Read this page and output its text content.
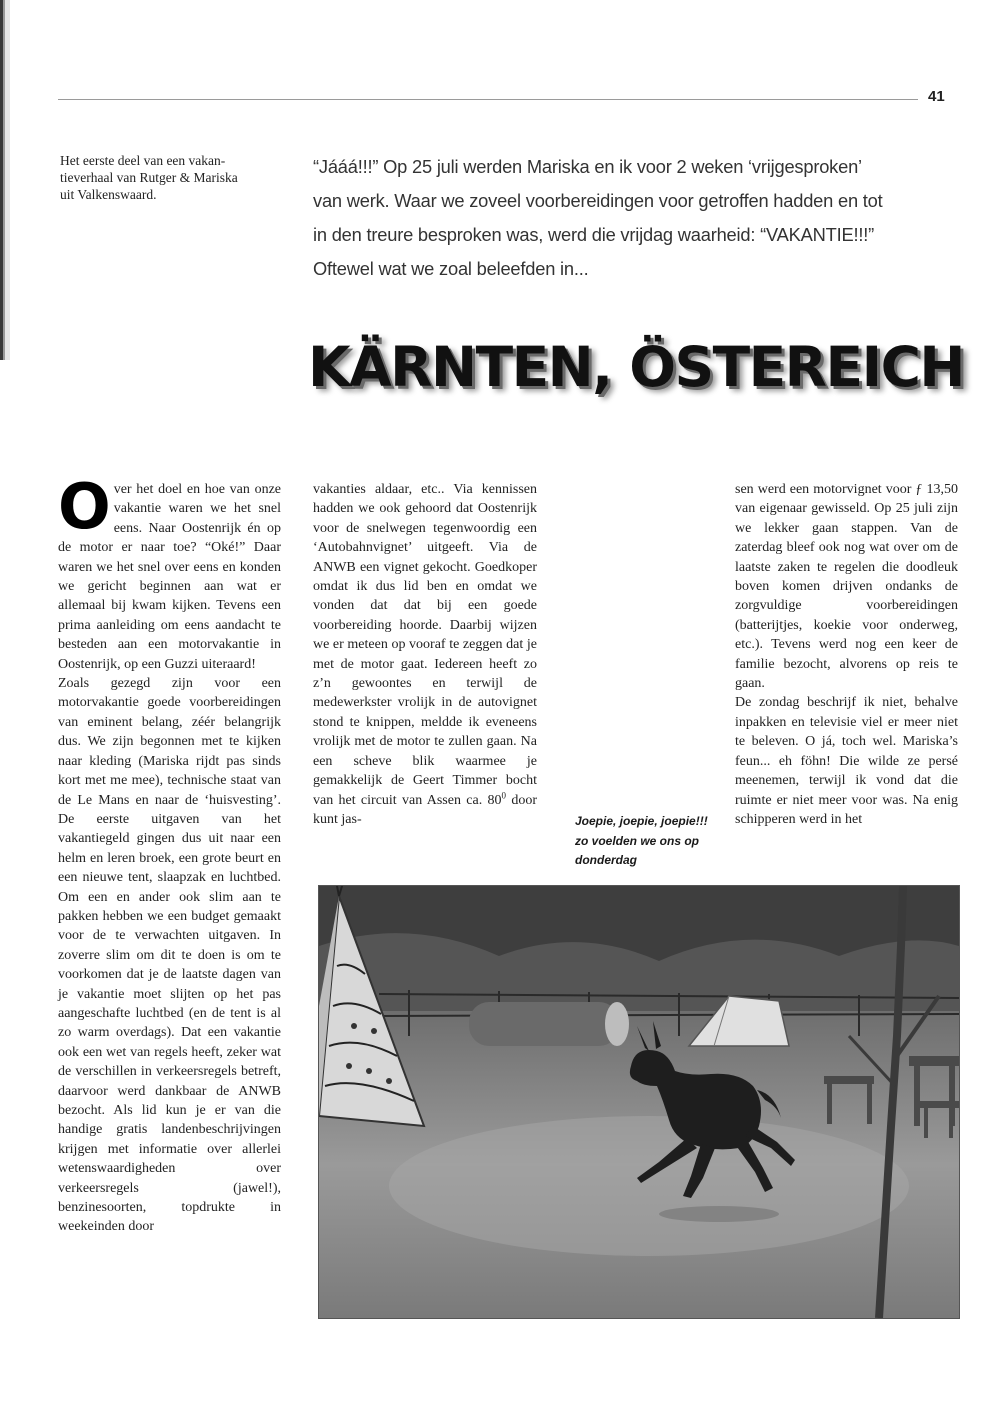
41
Het eerste deel van een vakan-
tieverhaal van Rutger & Mariska
uit Valkenswaard.
“Jááá!!!” Op 25 juli werden Mariska en ik voor 2 weken ‘vrijgesproken’
van werk. Waar we zoveel voorbereidingen voor getroffen hadden en tot
in den treure besproken was, werd die vrijdag waarheid: “VAKANTIE!!!”
Oftewel wat we zoal beleefden in...
KÄRNTEN, ÖSTEREICH

Over het doel en hoe van onze vakantie waren we het snel eens. Naar Oostenrijk én op de motor er naar toe? “Oké!” Daar waren we het snel over eens en konden we gericht beginnen aan wat er allemaal bij kwam kijken. Tevens een prima aanleiding om eens aandacht te besteden aan een motorvakantie in Oostenrijk, op een Guzzi uiteraard!

Zoals gezegd zijn voor een motorvakantie goede voorbereidingen van eminent belang, zéér belangrijk dus. We zijn begonnen met te kijken naar kleding (Mariska rijdt pas sinds kort met me mee), technische staat van de Le Mans en naar de ‘huisvesting’. De eerste uitgaven van het vakantiegeld gingen dus uit naar een helm en leren broek, een grote beurt en een nieuwe tent, slaapzak en luchtbed. Om een en ander ook slim aan te pakken hebben we een budget gemaakt voor de te verwachten uitgaven. In zoverre slim om dit te doen is om te voorkomen dat je de laatste dagen van je vakantie moet slijten op het pas aangeschafte luchtbed (en de tent is al zo warm overdags). Dat een vakantie ook een wet van regels heeft, zeker wat de verschillen in verkeersregels betreft, daarvoor werd dankbaar de ANWB bezocht. Als lid kun je er van die handige gratis landenbeschrijvingen krijgen met informatie over allerlei wetenswaardigheden over verkeersregels (jawel!), benzinesoorten, topdrukte in weekeinden door

vakanties aldaar, etc.. Via kennissen hadden we ook gehoord dat Oostenrijk voor de snelwegen tegenwoordig een ‘Autobahnvignet’ uitgeeft. Via de ANWB een vignet gekocht. Goedkoper omdat ik dus lid ben en omdat we vonden dat dat bij een goede voorbereiding hoorde. Daarbij wijzen we er meteen op vooraf te zeggen dat je met de motor gaat. Iedereen heeft zo z’n gewoontes en terwijl de medewerkster vrolijk in de autovignet stond te knippen, meldde ik eveneens vrolijk met de motor te zullen gaan. Na een scheve blik waarmee je gemakkelijk de Geert Timmer bocht van het circuit van Assen ca. $80^0$ door kunt jas-

sen werd een motorvignet voor ƒ 13,50 van eigenaar gewisseld. Op 25 juli zijn we lekker gaan stappen. Van de zaterdag bleef ook nog wat over om de laatste zaken te regelen die doodleuk boven komen drijven ondanks de zorgvuldige voorbereidingen (batterijtjes, koekie voor onderweg, etc.). Tevens werd nog een keer de familie bezocht, alvorens op reis te gaan.

De zondag beschrijf ik niet, behalve inpakken en televisie viel er meer niet te beleven. O já, toch wel. Mariska’s feun... eh föhn! Die wilde ze persé meenemen, terwijl ik vond dat die ruimte er niet meer voor was. Na enig schipperen werd in het

Joepie, joepie, joepie!!!
zo voelden we ons op
donderdag
